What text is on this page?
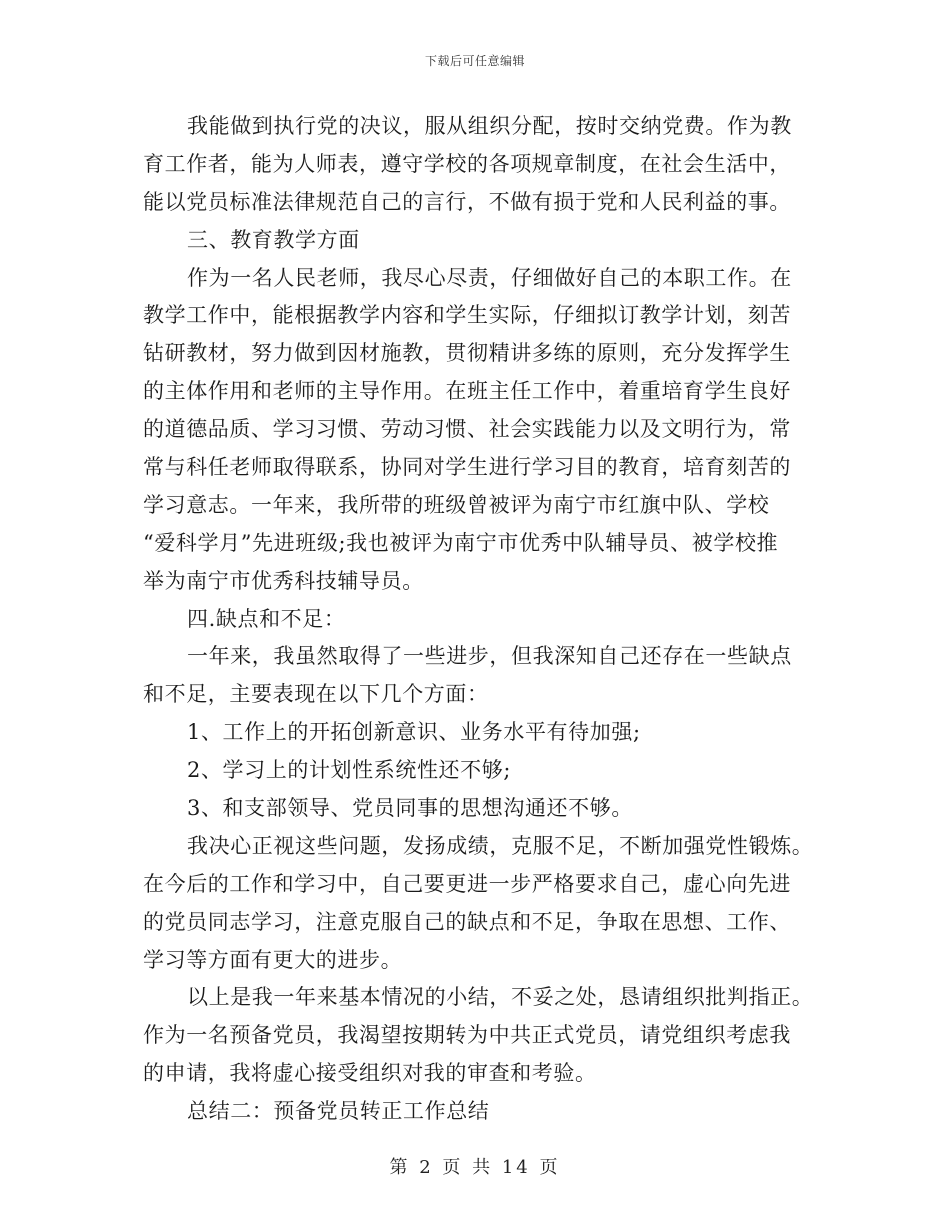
下载后可任意编辑
我能做到执行党的决议，服从组织分配，按时交纳党费。作为教
育工作者，能为人师表，遵守学校的各项规章制度，在社会生活中，
能以党员标准法律规范自己的言行，不做有损于党和人民利益的事。
三、教育教学方面
作为一名人民老师，我尽心尽责，仔细做好自己的本职工作。在
教学工作中，能根据教学内容和学生实际，仔细拟订教学计划，刻苦
钻研教材，努力做到因材施教，贯彻精讲多练的原则，充分发挥学生
的主体作用和老师的主导作用。在班主任工作中，着重培育学生良好
的道德品质、学习习惯、劳动习惯、社会实践能力以及文明行为，常
常与科任老师取得联系，协同对学生进行学习目的教育，培育刻苦的
学习意志。一年来，我所带的班级曾被评为南宁市红旗中队、学校
“爱科学月”先进班级;我也被评为南宁市优秀中队辅导员、被学校推
举为南宁市优秀科技辅导员。
四.缺点和不足：
一年来，我虽然取得了一些进步，但我深知自己还存在一些缺点
和不足，主要表现在以下几个方面：
1、工作上的开拓创新意识、业务水平有待加强;
2、学习上的计划性系统性还不够;
3、和支部领导、党员同事的思想沟通还不够。
我决心正视这些问题，发扬成绩，克服不足，不断加强党性锻炼。
在今后的工作和学习中，自己要更进一步严格要求自己，虚心向先进
的党员同志学习，注意克服自己的缺点和不足，争取在思想、工作、
学习等方面有更大的进步。
以上是我一年来基本情况的小结，不妥之处，恳请组织批判指正。
作为一名预备党员，我渴望按期转为中共正式党员，请党组织考虑我
的申请，我将虚心接受组织对我的审查和考验。
总结二：预备党员转正工作总结
第 2 页 共 14 页
